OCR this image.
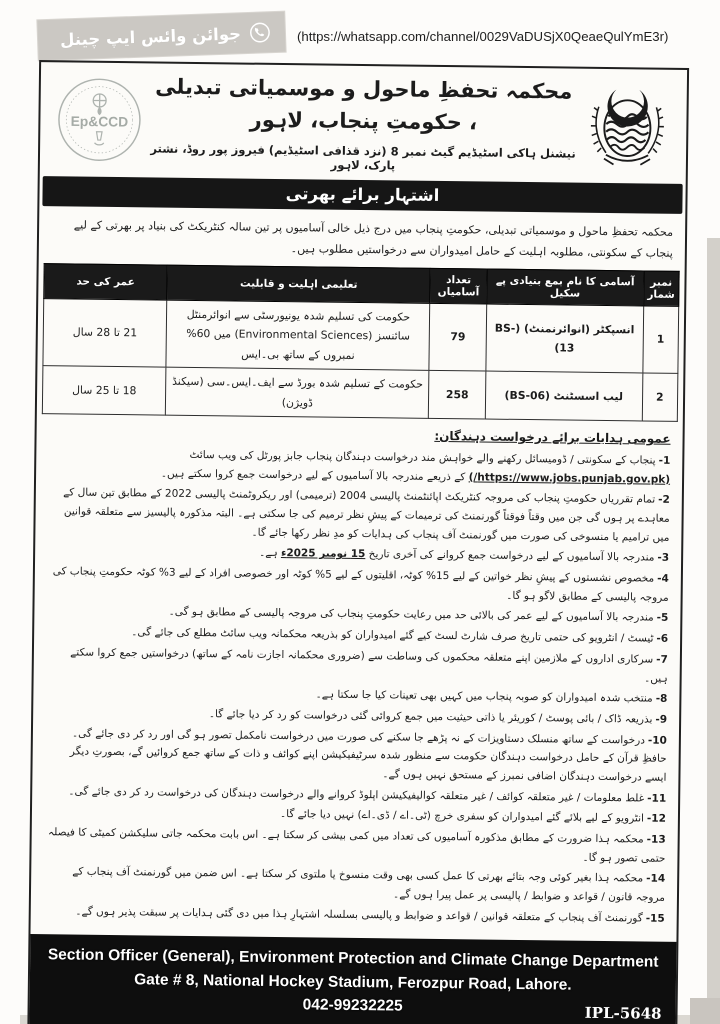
جوائن وائس ایپ چینل	(https://whatsapp.com/channel/0029VaDUSjX0QeaeQulYmE3r)
Ep&CCD
محکمہ تحفظِ ماحول و موسمیاتی تبدیلی ، حکومتِ پنجاب، لاہور
نیشنل ہاکی اسٹیڈیم گیٹ نمبر 8 (نزد قذافی اسٹیڈیم) فیروز پور روڈ، نشتر پارک، لاہور
اشتہار برائے بھرتی

محکمہ تحفظِ ماحول و موسمیاتی تبدیلی، حکومتِ پنجاب میں درج ذیل خالی آسامیوں پر تین سالہ کنٹریکٹ کی بنیاد پر بھرتی کے لیے پنجاب کے سکونتی، مطلوبہ اہلیت کے حامل امیدواران سے درخواستیں مطلوب ہیں۔

نمبر شمار	آسامی کا نام بمع بنیادی پے سکیل	تعداد آسامیاں	تعلیمی اہلیت و قابلیت	عمر کی حد
1	انسپکٹر (انوائرنمنٹ) (BS-13)	79	حکومت کی تسلیم شدہ یونیورسٹی سے انوائرمنٹل سائنسز (Environmental Sciences) میں 60% نمبروں کے ساتھ بی۔ایس	21 تا 28 سال
2	لیب اسسٹنٹ (BS-06)	258	حکومت کے تسلیم شدہ بورڈ سے ایف۔ایس۔سی (سیکنڈ ڈویژن)	18 تا 25 سال
عمومی ہدایات برائے درخواست دہندگان:
1-پنجاب کے سکونتی / ڈومیسائل رکھنے والے خواہش مند درخواست دہندگان پنجاب جابز پورٹل کی ویب سائٹ (https://www.jobs.punjab.gov.pk/) کے ذریعے مندرجہ بالا آسامیوں کے لیے درخواست جمع کروا سکتے ہیں۔
2-تمام تقرریاں حکومتِ پنجاب کی مروجہ کنٹریکٹ اپائنٹمنٹ پالیسی 2004 (ترمیمی) اور ریکروٹمنٹ پالیسی 2022 کے مطابق تین سال کے معاہدے پر ہوں گی جن میں وقتاً فوقتاً گورنمنٹ کی ترمیمات کے پیشِ نظر ترمیم کی جا سکتی ہے۔ البتہ مذکورہ پالیسیز سے متعلقہ قوانین میں ترامیم یا منسوخی کی صورت میں گورنمنٹ آف پنجاب کی ہدایات کو مدِ نظر رکھا جائے گا۔
3-مندرجہ بالا آسامیوں کے لیے درخواست جمع کروانے کی آخری تاریخ 15 نومبر 2025ء ہے۔
4-مخصوص نشستوں کے پیشِ نظر خواتین کے لیے 15% کوٹہ، اقلیتوں کے لیے 5% کوٹہ اور خصوصی افراد کے لیے 3% کوٹہ حکومتِ پنجاب کی مروجہ پالیسی کے مطابق لاگو ہو گا۔
5-مندرجہ بالا آسامیوں کے لیے عمر کی بالائی حد میں رعایت حکومتِ پنجاب کی مروجہ پالیسی کے مطابق ہو گی۔
6-ٹیسٹ / انٹرویو کی حتمی تاریخ صرف شارٹ لسٹ کیے گئے امیدواران کو بذریعہ محکمانہ ویب سائٹ مطلع کی جائے گی۔
7-سرکاری اداروں کے ملازمین اپنے متعلقہ محکموں کی وساطت سے (ضروری محکمانہ اجازت نامہ کے ساتھ) درخواستیں جمع کروا سکتے ہیں۔
8-منتخب شدہ امیدواران کو صوبہ پنجاب میں کہیں بھی تعینات کیا جا سکتا ہے۔
9-بذریعہ ڈاک / بائی پوسٹ / کوریئر یا ذاتی حیثیت میں جمع کروائی گئی درخواست کو رد کر دیا جائے گا۔
10-درخواست کے ساتھ منسلک دستاویزات کے نہ پڑھے جا سکنے کی صورت میں درخواست نامکمل تصور ہو گی اور رد کر دی جائے گی۔ حافظِ قرآن کے حامل درخواست دہندگان حکومت سے منظور شدہ سرٹیفیکیشن اپنے کوائف و ذات کے ساتھ جمع کروائیں گے، بصورتِ دیگر ایسے درخواست دہندگان اضافی نمبرز کے مستحق نہیں ہوں گے۔
11-غلط معلومات / غیر متعلقہ کوائف / غیر متعلقہ کوالیفیکیشن اپلوڈ کروانے والے درخواست دہندگان کی درخواست رد کر دی جائے گی۔
12-انٹرویو کے لیے بلائے گئے امیدواران کو سفری خرچ (ٹی۔اے / ڈی۔اے) نہیں دیا جائے گا۔
13-محکمہ ہذا ضرورت کے مطابق مذکورہ آسامیوں کی تعداد میں کمی بیشی کر سکتا ہے۔ اس بابت محکمہ جاتی سلیکشن کمیٹی کا فیصلہ حتمی تصور ہو گا۔
14-محکمہ ہذا بغیر کوئی وجہ بتائے بھرتی کا عمل کسی بھی وقت منسوخ یا ملتوی کر سکتا ہے۔ اس ضمن میں گورنمنٹ آف پنجاب کے مروجہ قانون / قواعد و ضوابط / پالیسی پر عمل پیرا ہوں گے۔
15-گورنمنٹ آف پنجاب کے متعلقہ قوانین / قواعد و ضوابط و پالیسی بسلسلہ اشتہارِ ہذا میں دی گئی ہدایات پر سبقت پذیر ہوں گے۔
Section Officer (General), Environment Protection and Climate Change Department
Gate # 8, National Hockey Stadium, Ferozpur Road, Lahore.
042-99232225	IPL-5648
